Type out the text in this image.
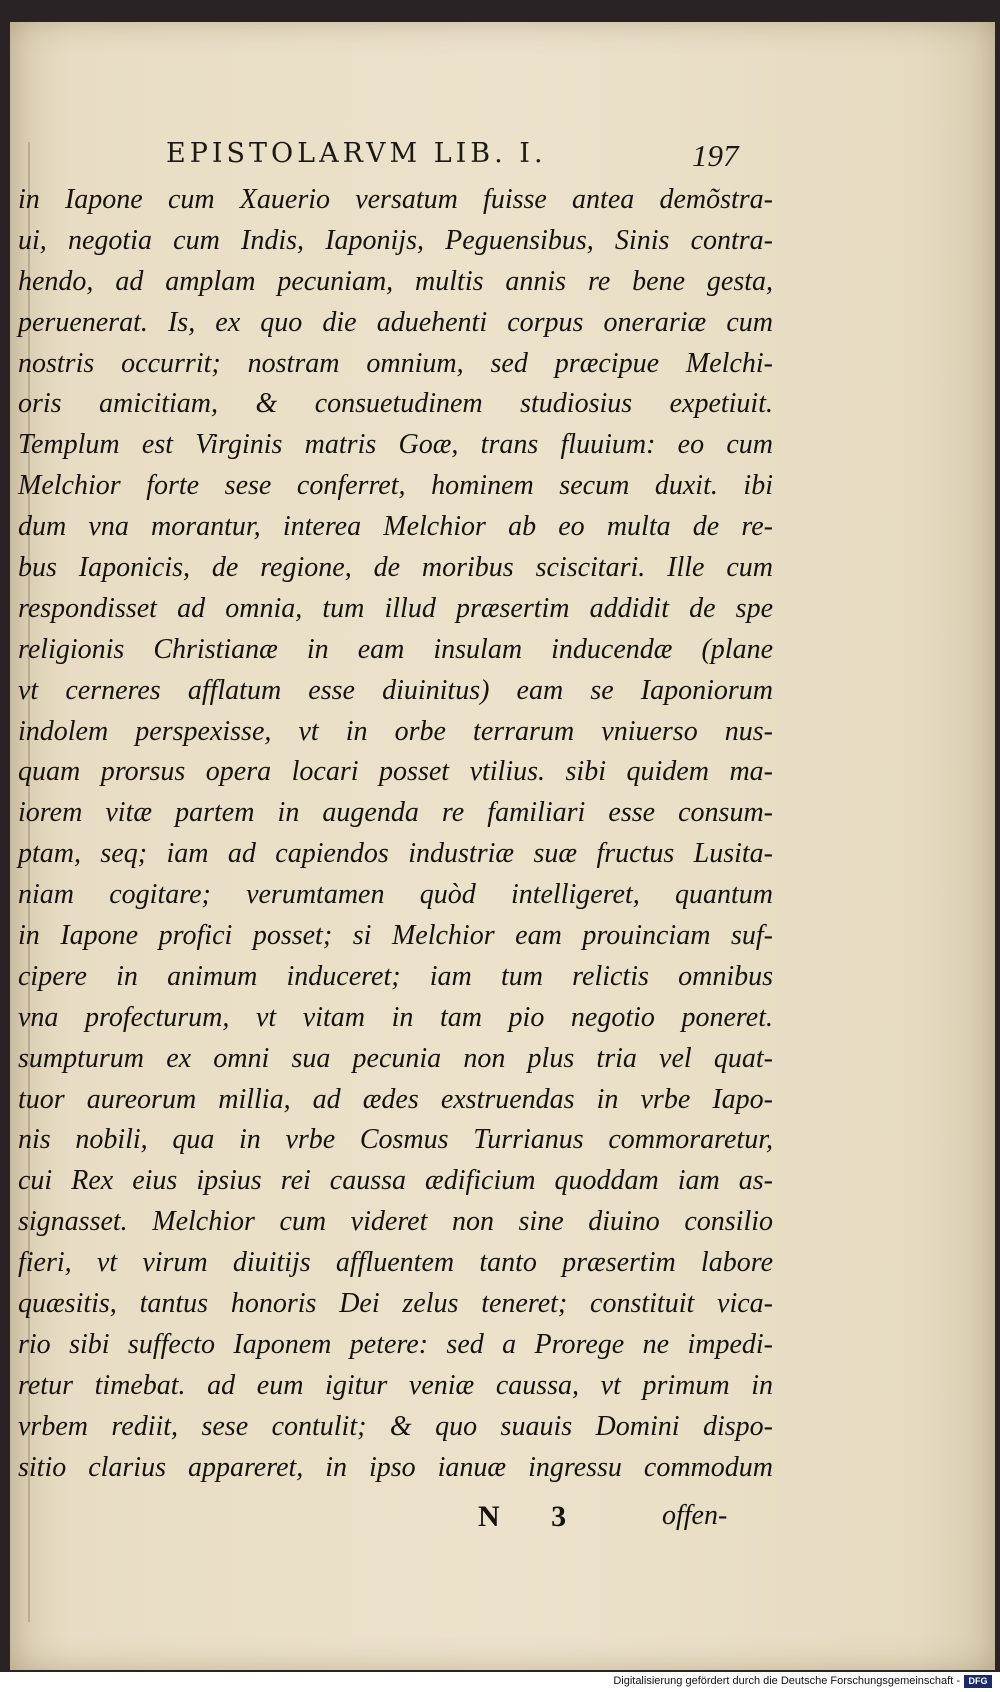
EPISTOLARVM LIB. I.	197
in Iapone cum Xauerio versatum fuisse antea demõstra-
ui, negotia cum Indis, Iaponijs, Peguensibus, Sinis contra-
hendo, ad amplam pecuniam, multis annis re bene gesta,
peruenerat. Is, ex quo die aduehenti corpus onerariæ cum
nostris occurrit; nostram omnium, sed præcipue Melchi-
oris amicitiam, & consuetudinem studiosius expetiuit.
Templum est Virginis matris Goæ, trans fluuium: eo cum
Melchior forte sese conferret, hominem secum duxit. ibi
dum vna morantur, interea Melchior ab eo multa de re-
bus Iaponicis, de regione, de moribus sciscitari. Ille cum
respondisset ad omnia, tum illud præsertim addidit de spe
religionis Christianæ in eam insulam inducendæ (plane
vt cerneres afflatum esse diuinitus) eam se Iaponiorum
indolem perspexisse, vt in orbe terrarum vniuerso nus-
quam prorsus opera locari posset vtilius. sibi quidem ma-
iorem vitæ partem in augenda re familiari esse consum-
ptam, seq; iam ad capiendos industriæ suæ fructus Lusita-
niam cogitare; verumtamen quòd intelligeret, quantum
in Iapone profici posset; si Melchior eam prouinciam suf-
cipere in animum induceret; iam tum relictis omnibus
vna profecturum, vt vitam in tam pio negotio poneret.
sumpturum ex omni sua pecunia non plus tria vel quat-
tuor aureorum millia, ad ædes exstruendas in vrbe Iapo-
nis nobili, qua in vrbe Cosmus Turrianus commoraretur,
cui Rex eius ipsius rei caussa ædificium quoddam iam as-
signasset. Melchior cum videret non sine diuino consilio
fieri, vt virum diuitijs affluentem tanto præsertim labore
quæsitis, tantus honoris Dei zelus teneret; constituit vica-
rio sibi suffecto Iaponem petere: sed a Prorege ne impedi-
retur timebat. ad eum igitur veniæ caussa, vt primum in
vrbem rediit, sese contulit; & quo suauis Domini dispo-
sitio clarius appareret, in ipso ianuæ ingressu commodum
N 3	offen-
Digitalisierung gefördert durch die Deutsche Forschungsgemeinschaft - DFG
